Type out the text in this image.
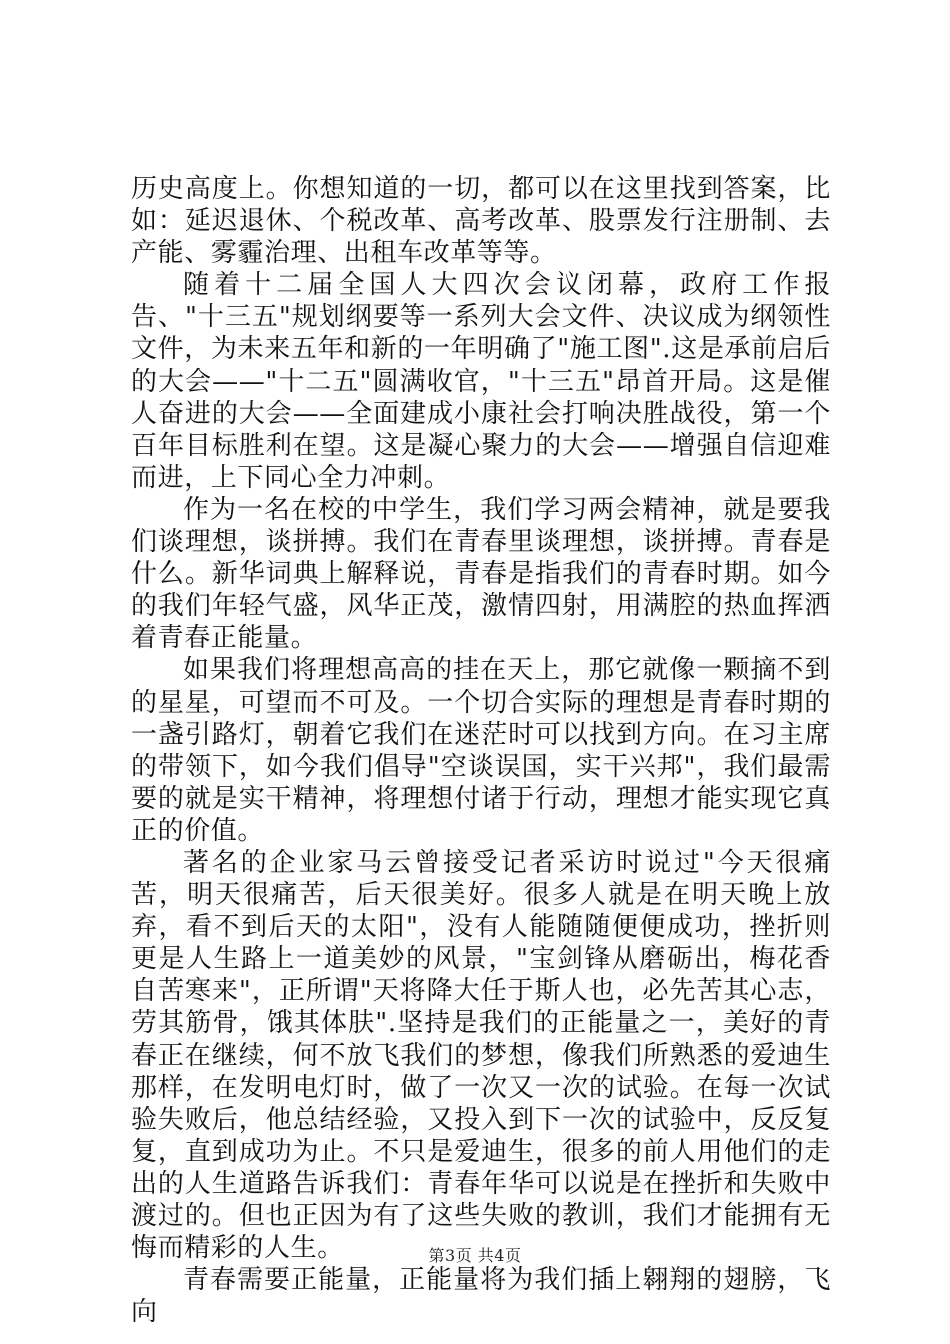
历史高度上。你想知道的一切，都可以在这里找到答案，比如：延迟退休、个税改革、高考改革、股票发行注册制、去产能、雾霾治理、出租车改革等等。

随着十二届全国人大四次会议闭幕，政府工作报告、"十三五"规划纲要等一系列大会文件、决议成为纲领性文件，为未来五年和新的一年明确了"施工图".这是承前启后的大会——"十二五"圆满收官，"十三五"昂首开局。这是催人奋进的大会——全面建成小康社会打响决胜战役，第一个百年目标胜利在望。这是凝心聚力的大会——增强自信迎难而进，上下同心全力冲刺。

作为一名在校的中学生，我们学习两会精神，就是要我们谈理想，谈拼搏。我们在青春里谈理想，谈拼搏。青春是什么。新华词典上解释说，青春是指我们的青春时期。如今的我们年轻气盛，风华正茂，激情四射，用满腔的热血挥洒着青春正能量。

如果我们将理想高高的挂在天上，那它就像一颗摘不到的星星，可望而不可及。一个切合实际的理想是青春时期的一盏引路灯，朝着它我们在迷茫时可以找到方向。在习主席的带领下，如今我们倡导"空谈误国，实干兴邦"，我们最需要的就是实干精神，将理想付诸于行动，理想才能实现它真正的价值。

著名的企业家马云曾接受记者采访时说过"今天很痛苦，明天很痛苦，后天很美好。很多人就是在明天晚上放弃，看不到后天的太阳"，没有人能随随便便成功，挫折则更是人生路上一道美妙的风景，"宝剑锋从磨砺出，梅花香自苦寒来"，正所谓"天将降大任于斯人也，必先苦其心志，劳其筋骨，饿其体肤".坚持是我们的正能量之一，美好的青春正在继续，何不放飞我们的梦想，像我们所熟悉的爱迪生那样，在发明电灯时，做了一次又一次的试验。在每一次试验失败后，他总结经验，又投入到下一次的试验中，反反复复，直到成功为止。不只是爱迪生，很多的前人用他们的走出的人生道路告诉我们：青春年华可以说是在挫折和失败中渡过的。但也正因为有了这些失败的教训，我们才能拥有无悔而精彩的人生。

青春需要正能量，正能量将为我们插上翱翔的翅膀，飞向

第3页 共4页
